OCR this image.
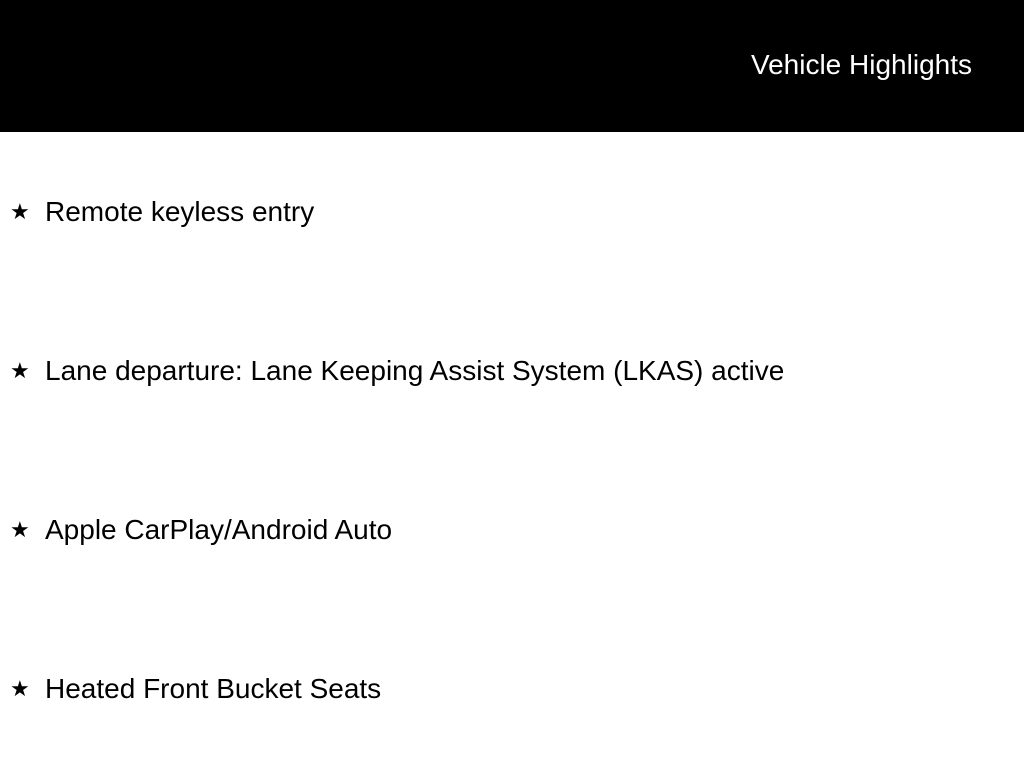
Vehicle Highlights
★ Remote keyless entry
★ Lane departure: Lane Keeping Assist System (LKAS) active
★ Apple CarPlay/Android Auto
★ Heated Front Bucket Seats
